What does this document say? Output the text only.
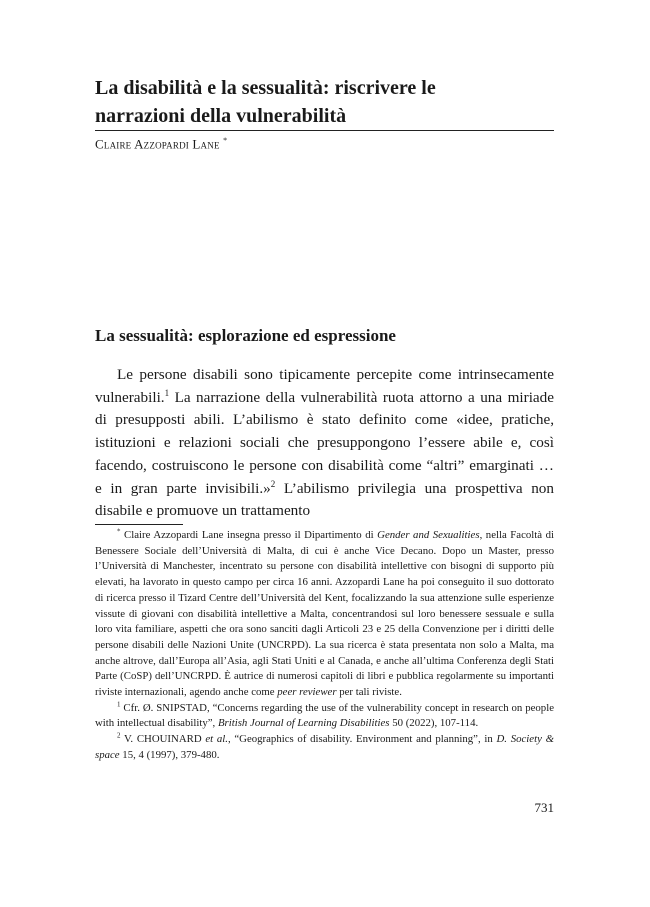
La disabilità e la sessualità: riscrivere le narrazioni della vulnerabilità
Claire Azzopardi Lane *
La sessualità: esplorazione ed espressione

Le persone disabili sono tipicamente percepite come intrinsecamente vulnerabili.$^1$ La narrazione della vulnerabilità ruota attorno a una miriade di presupposti abili. L’abilismo è stato definito come «idee, pratiche, istituzioni e relazioni sociali che presuppongono l’essere abile e, così facendo, costruiscono le persone con disabilità come “altri” emarginati … e in gran parte invisibili.»$^2$ L’abilismo privilegia una prospettiva non disabile e promuove un trattamento

* Claire Azzopardi Lane insegna presso il Dipartimento di Gender and Sexualities, nella Facoltà di Benessere Sociale dell’Università di Malta, di cui è anche Vice Decano. Dopo un Master, presso l’Università di Manchester, incentrato su persone con disabilità intellettive con bisogni di supporto più elevati, ha lavorato in questo campo per circa 16 anni. Azzopardi Lane ha poi conseguito il suo dottorato di ricerca presso il Tizard Centre dell’Università del Kent, focalizzando la sua attenzione sulle esperienze vissute di giovani con disabilità intellettive a Malta, concentrandosi sul loro benessere sessuale e sulla loro vita familiare, aspetti che ora sono sanciti dagli Articoli 23 e 25 della Convenzione per i diritti delle persone disabili delle Nazioni Unite (UNCRPD). La sua ricerca è stata presentata non solo a Malta, ma anche altrove, dall’Europa all’Asia, agli Stati Uniti e al Canada, e anche all’ultima Conferenza degli Stati Parte (CoSP) dell’UNCRPD. È autrice di numerosi capitoli di libri e pubblica regolarmente su importanti riviste internazionali, agendo anche come peer reviewer per tali riviste.

$^1$ Cfr. Ø. SNIPSTAD, “Concerns regarding the use of the vulnerability concept in research on people with intellectual disability”, British Journal of Learning Disabilities 50 (2022), 107-114.

$^2$ V. CHOUINARD et al., “Geographics of disability. Environment and planning”, in D. Society & space 15, 4 (1997), 379-480.

731
